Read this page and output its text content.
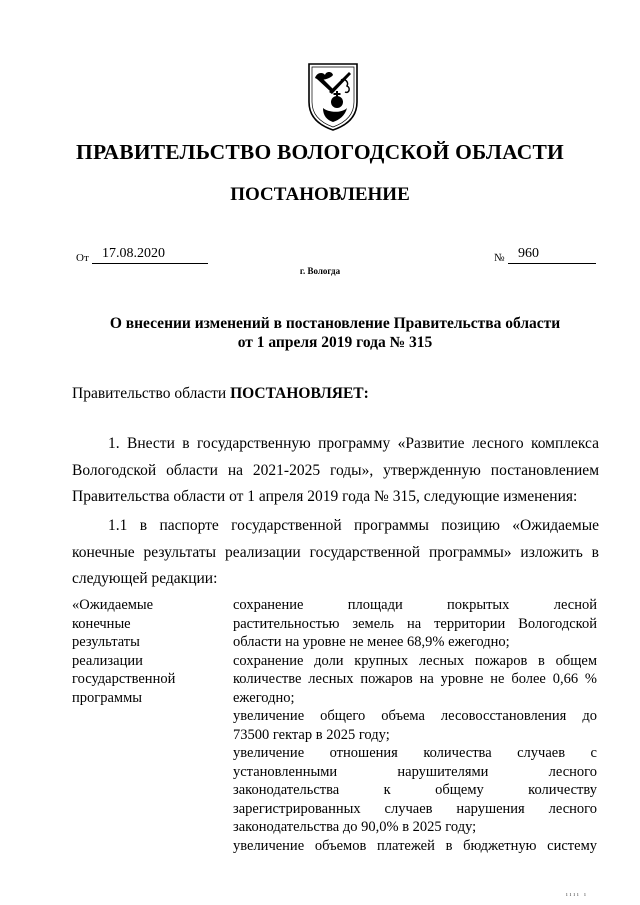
ПРАВИТЕЛЬСТВО ВОЛОГОДСКОЙ ОБЛАСТИ
ПОСТАНОВЛЕНИЕ
От 17.08.2020	№ 960
г. Вологда
О внесении изменений в постановление Правительства области
от 1 апреля 2019 года № 315
Правительство области ПОСТАНОВЛЯЕТ:
1. Внести в государственную программу «Развитие лесного комплекса
Вологодской области на 2021-2025 годы», утвержденную постановлением
Правительства области от 1 апреля 2019 года № 315, следующие изменения:
1.1 в паспорте государственной программы позицию «Ожидаемые
конечные результаты реализации государственной программы» изложить в
следующей редакции:
«Ожидаемые
конечные
результаты
реализации
государственной
программы
сохранение площади покрытых лесной
растительностью земель на территории Вологодской
области на уровне не менее 68,9% ежегодно;
сохранение доли крупных лесных пожаров в общем
количестве лесных пожаров на уровне не более 0,66 %
ежегодно;
увеличение общего объема лесовосстановления до
73500 гектар в 2025 году;
увеличение отношения количества случаев с
установленными нарушителями лесного
законодательства к общему количеству
зарегистрированных случаев нарушения лесного
законодательства до 90,0% в 2025 году;
увеличение объемов платежей в бюджетную систему
ıııı ı
